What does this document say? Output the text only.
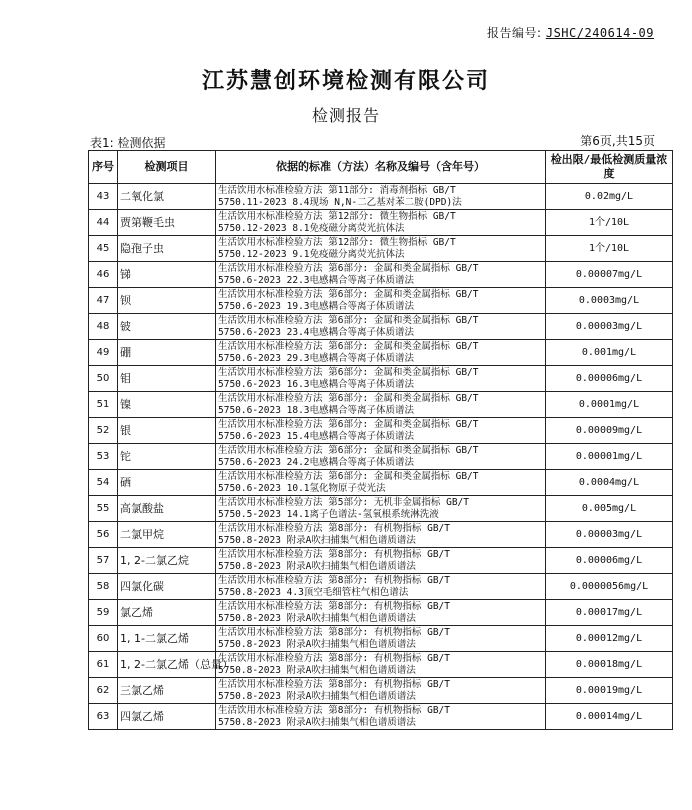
报告编号: JSHC/240614-09
江苏慧创环境检测有限公司
检测报告
表1: 检测依据	第6页,共15页
序号	检测项目	依据的标准（方法）名称及编号（含年号）	检出限/最低检测质量浓度

43	二氧化氯	生活饮用水标准检验方法 第11部分: 消毒剂指标 GB/T
5750.11-2023 8.4现场 N,N-二乙基对苯二胺(DPD)法	0.02mg/L
44	贾第鞭毛虫	生活饮用水标准检验方法 第12部分: 微生物指标 GB/T
5750.12-2023 8.1免疫磁分离荧光抗体法	1个/10L
45	隐孢子虫	生活饮用水标准检验方法 第12部分: 微生物指标 GB/T
5750.12-2023 9.1免疫磁分离荧光抗体法	1个/10L
46	锑	生活饮用水标准检验方法 第6部分: 金属和类金属指标 GB/T
5750.6-2023 22.3电感耦合等离子体质谱法	0.00007mg/L
47	钡	生活饮用水标准检验方法 第6部分: 金属和类金属指标 GB/T
5750.6-2023 19.3电感耦合等离子体质谱法	0.0003mg/L
48	铍	生活饮用水标准检验方法 第6部分: 金属和类金属指标 GB/T
5750.6-2023 23.4电感耦合等离子体质谱法	0.00003mg/L
49	硼	生活饮用水标准检验方法 第6部分: 金属和类金属指标 GB/T
5750.6-2023 29.3电感耦合等离子体质谱法	0.001mg/L
50	钼	生活饮用水标准检验方法 第6部分: 金属和类金属指标 GB/T
5750.6-2023 16.3电感耦合等离子体质谱法	0.00006mg/L
51	镍	生活饮用水标准检验方法 第6部分: 金属和类金属指标 GB/T
5750.6-2023 18.3电感耦合等离子体质谱法	0.0001mg/L
52	银	生活饮用水标准检验方法 第6部分: 金属和类金属指标 GB/T
5750.6-2023 15.4电感耦合等离子体质谱法	0.00009mg/L
53	铊	生活饮用水标准检验方法 第6部分: 金属和类金属指标 GB/T
5750.6-2023 24.2电感耦合等离子体质谱法	0.00001mg/L
54	硒	生活饮用水标准检验方法 第6部分: 金属和类金属指标 GB/T
5750.6-2023 10.1氢化物原子荧光法	0.0004mg/L
55	高氯酸盐	生活饮用水标准检验方法 第5部分: 无机非金属指标 GB/T
5750.5-2023 14.1离子色谱法-氢氧根系统淋洗液	0.005mg/L
56	二氯甲烷	生活饮用水标准检验方法 第8部分: 有机物指标 GB/T
5750.8-2023 附录A吹扫捕集气相色谱质谱法	0.00003mg/L
57	1, 2-二氯乙烷	生活饮用水标准检验方法 第8部分: 有机物指标 GB/T
5750.8-2023 附录A吹扫捕集气相色谱质谱法	0.00006mg/L
58	四氯化碳	生活饮用水标准检验方法 第8部分: 有机物指标 GB/T
5750.8-2023 4.3顶空毛细管柱气相色谱法	0.0000056mg/L
59	氯乙烯	生活饮用水标准检验方法 第8部分: 有机物指标 GB/T
5750.8-2023 附录A吹扫捕集气相色谱质谱法	0.00017mg/L
60	1, 1-二氯乙烯	生活饮用水标准检验方法 第8部分: 有机物指标 GB/T
5750.8-2023 附录A吹扫捕集气相色谱质谱法	0.00012mg/L
61	1, 2-二氯乙烯（总量）	生活饮用水标准检验方法 第8部分: 有机物指标 GB/T
5750.8-2023 附录A吹扫捕集气相色谱质谱法	0.00018mg/L
62	三氯乙烯	生活饮用水标准检验方法 第8部分: 有机物指标 GB/T
5750.8-2023 附录A吹扫捕集气相色谱质谱法	0.00019mg/L
63	四氯乙烯	生活饮用水标准检验方法 第8部分: 有机物指标 GB/T
5750.8-2023 附录A吹扫捕集气相色谱质谱法	0.00014mg/L
